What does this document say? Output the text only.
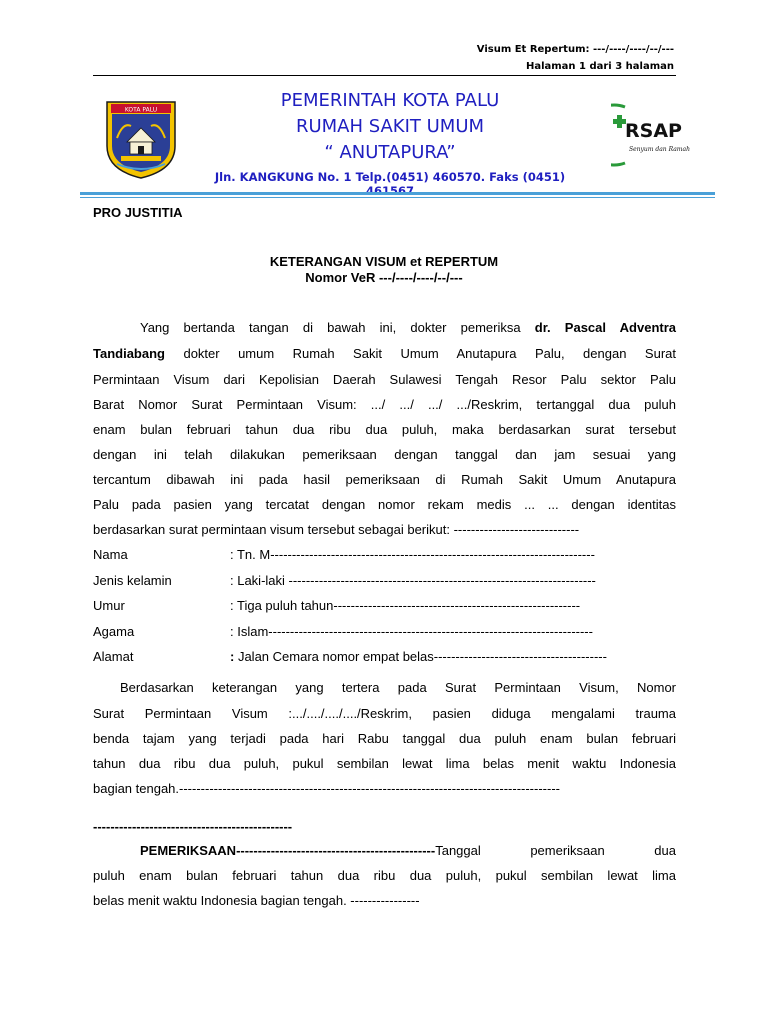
Visum Et Repertum: ---/----/----/--/---
Halaman 1 dari 3 halaman
KOTA PALU	PEMERINTAH KOTA PALU
RUMAH SAKIT UMUM
“ ANUTAPURA”
Jln. KANGKUNG No. 1 Telp.(0451) 460570. Faks (0451) 461567
RSAP
Senyum dan Ramah
PRO JUSTITIA
KETERANGAN VISUM et REPERTUM
Nomor VeR ---/----/----/--/---
Yang bertanda tangan di bawah ini, dokter pemeriksa dr. Pascal Adventra
Tandiabang dokter umum Rumah Sakit Umum Anutapura Palu, dengan Surat
Permintaan Visum dari Kepolisian Daerah Sulawesi Tengah Resor Palu sektor Palu
Barat Nomor Surat Permintaan Visum: .../ .../ .../ .../Reskrim, tertanggal dua puluh
enam bulan februari tahun dua ribu dua puluh, maka berdasarkan surat tersebut
dengan ini telah dilakukan pemeriksaan dengan tanggal dan jam sesuai yang
tercantum dibawah ini pada hasil pemeriksaan di Rumah Sakit Umum Anutapura
Palu pada pasien yang tercatat dengan nomor rekam medis ... ... dengan identitas
berdasarkan surat permintaan visum tersebut sebagai berikut: -----------------------------
Nama	: Tn. M---------------------------------------------------------------------------
Jenis kelamin	: Laki-laki -----------------------------------------------------------------------
Umur	: Tiga puluh tahun---------------------------------------------------------
Agama	: Islam---------------------------------------------------------------------------
Alamat	: Jalan Cemara nomor empat belas----------------------------------------
Berdasarkan keterangan yang tertera pada Surat Permintaan Visum, Nomor
Surat Permintaan Visum :.../..../..../..../Reskrim, pasien diduga mengalami trauma
benda tajam yang terjadi pada hari Rabu tanggal dua puluh enam bulan februari
tahun dua ribu dua puluh, pukul sembilan lewat lima belas menit waktu Indonesia
bagian tengah.----------------------------------------------------------------------------------------
----------------------------------------------
PEMERIKSAAN----------------------------------------------Tanggal pemeriksaan dua
puluh enam bulan februari tahun dua ribu dua puluh, pukul sembilan lewat lima
belas menit waktu Indonesia bagian tengah. ----------------
